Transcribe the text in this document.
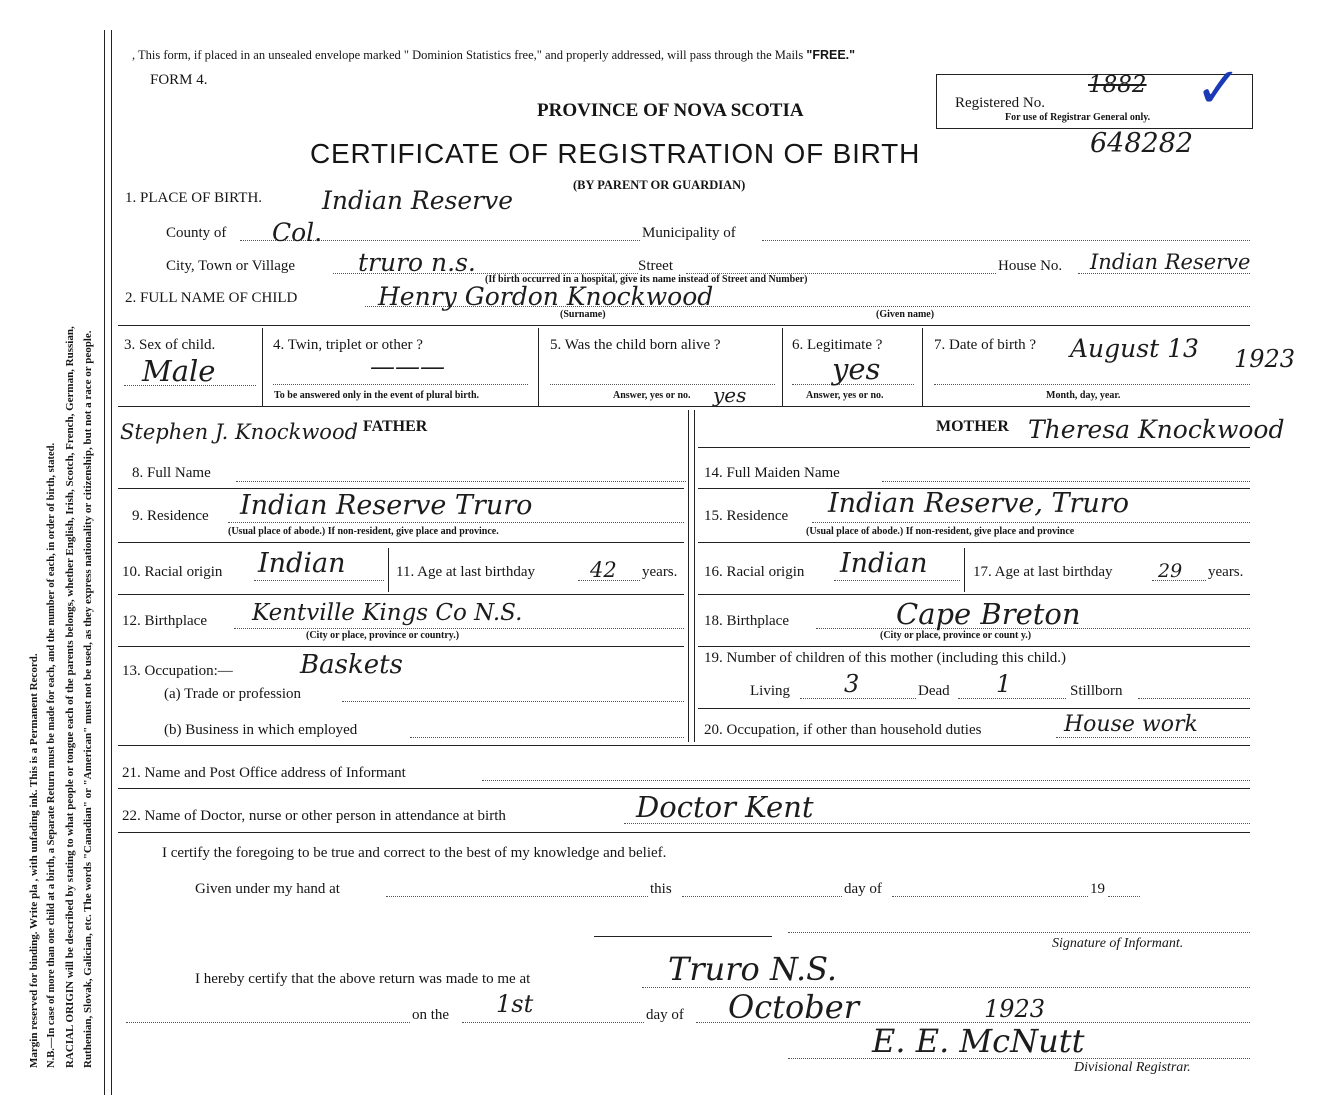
Margin reserved for binding. Write pla , with unfading ink. This is a Permanent Record. N.B.—In case of more than one child at a birth, a Separate Return must be made for each, and the number of each, in order of birth, stated. RACIAL ORIGIN will be described by stating to what people or tongue each of the parents belongs, whether English, Irish, Scotch, French, German, Russian, Ruthenian, Slovak, Galician, etc. The words "Canadian" or "American" must not be used, as they express nationality or citizenship, but not a race or people.
, This form, if placed in an unsealed envelope marked " Dominion Statistics free," and properly addressed, will pass through the Mails "FREE."
FORM 4.
PROVINCE OF NOVA SCOTIA
CERTIFICATE OF REGISTRATION OF BIRTH
(BY PARENT OR GUARDIAN)
Registered No.
1882
For use of Registrar General only. ✓
648282
1. PLACE OF BIRTH. Indian Reserve
County of Col.	Municipality of
City, Town or Village	truro n.s.	Street
(If birth occurred in a hospital, give its name instead of Street and Number)
House No. Indian Reserve
2. FULL NAME OF CHILD	Henry Gordon Knockwood
(Surname)	(Given name)
3. Sex of child.
Male
4. Twin, triplet or other ?
———
To be answered only in the event of plural birth.
5. Was the child born alive ?
Answer, yes or no. yes
6. Legitimate ?
yes
Answer, yes or no.
7. Date of birth ? August 13 1923
Month, day, year.
Stephen J. Knockwood FATHER
8. Full Name
9. Residence Indian Reserve Truro
(Usual place of abode.) If non-resident, give place and province.
10. Racial origin Indian	11. Age at last birthday	42 years.
12. Birthplace Kentville Kings Co N.S.
(City or place, province or country.)
13. Occupation:—	Baskets
(a) Trade or profession
(b) Business in which employed
MOTHER Theresa Knockwood
14. Full Maiden Name
15. Residence Indian Reserve, Truro
(Usual place of abode.) If non-resident, give place and province
16. Racial origin Indian	17. Age at last birthday 29 years.
18. Birthplace	Cape Breton
(City or place, province or count y.)
19. Number of children of this mother (including this child.)
Living 3	Dead 1	Stillborn
20. Occupation, if other than household duties	House work
21. Name and Post Office address of Informant
22. Name of Doctor, nurse or other person in attendance at birth	Doctor Kent
I certify the foregoing to be true and correct to the best of my knowledge and belief.
Given under my hand at	this	day of	19
Signature of Informant.
I hereby certify that the above return was made to me at	Truro N.S.
on the 1st	day of October	1923
E. E. McNutt
Divisional Registrar.
